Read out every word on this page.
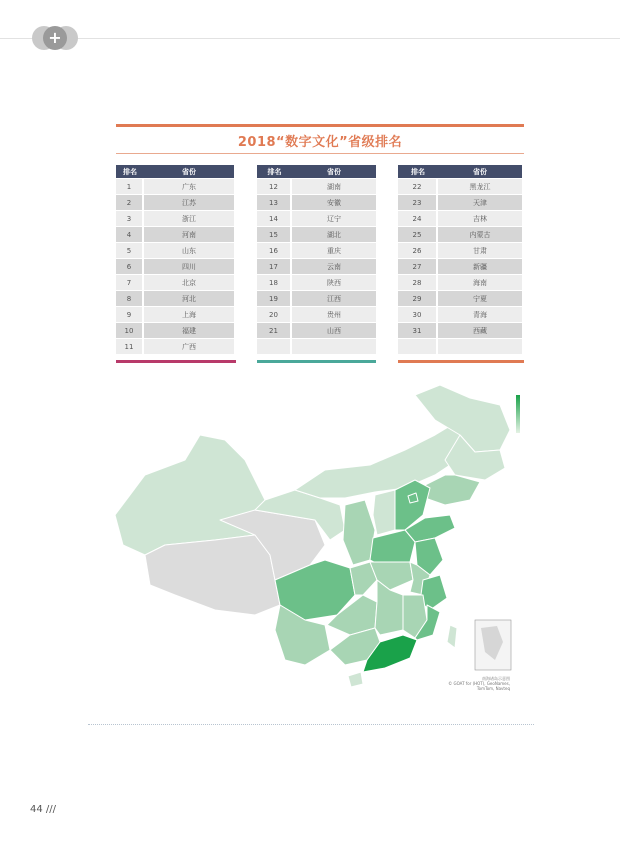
+
2018“数字文化”省级排名
排名	省份
1	广东
2	江苏
3	浙江
4	河南
5	山东
6	四川
7	北京
8	河北
9	上海
10	福建
11	广西
排名	省份
12	湖南
13	安徽
14	辽宁
15	湖北
16	重庆
17	云南
18	陕西
19	江西
20	贵州
21	山西

排名	省份
22	黑龙江
23	天津
24	吉林
25	内蒙古
26	甘肃
27	新疆
28	海南
29	宁夏
30	青海
31	西藏

南海诸岛示意图
© GOAT for (HOT), GeoNames, TomTom, Navteq
44 ///
